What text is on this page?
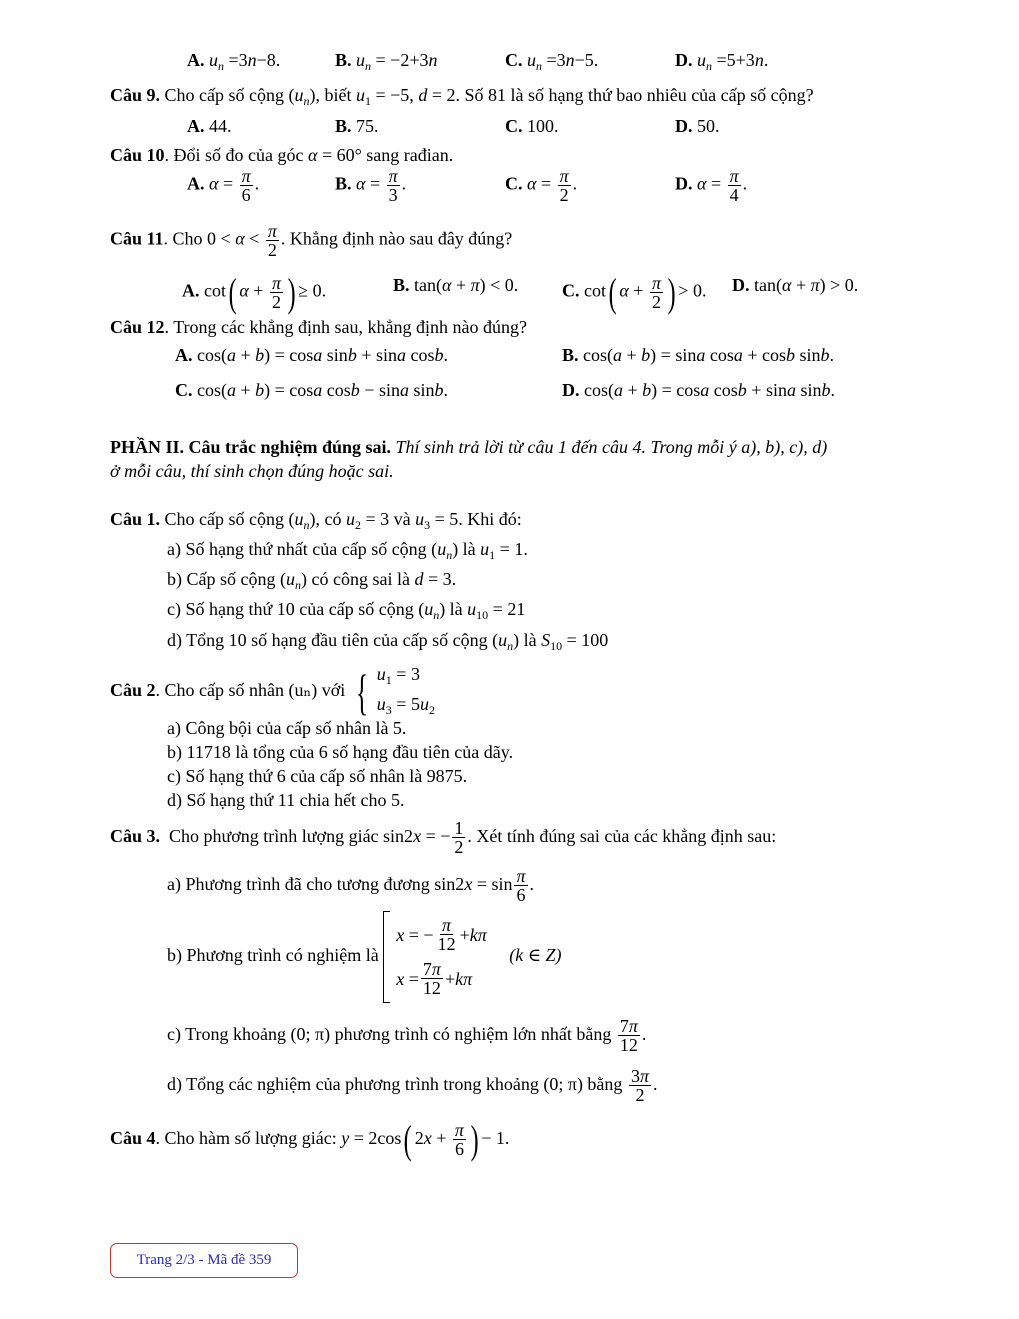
A. $u_n =3n-8$.	B. $u_n = -2+3n$	C. $u_n =3n-5$.	D. $u_n =5+3n$.
Câu 9. Cho cấp số cộng $(u_n)$, biết $u_1 = -5$, d = 2. Số 81 là số hạng thứ bao nhiêu của cấp số cộng?
A. 44.	B. 75.	C. 100.	D. 50.
Câu 10. Đổi số đo của góc α = 60° sang rađian.
A. $\alpha = \frac{\pi}{6}$ .	B. $\alpha = \frac{\pi}{3}$ .	C. $\alpha = \frac{\pi}{2}$ .	D. $\alpha = \frac{\pi}{4}$ .
Câu 11. Cho $0 < \alpha < \frac{\pi}{2}$ . Khẳng định nào sau đây đúng?
A. cot( $\alpha + \frac{\pi}{2}$ ) ≥ 0.	B. tan(α + π) < 0. C. cot( $\alpha + \frac{\pi}{2}$ ) > 0. D. tan(α + π) > 0.
Câu 12. Trong các khẳng định sau, khẳng định nào đúng?
A. cos(a + b) = cosa sinb + sina cosb.	B. cos(a + b) = sina cosa + cosb sinb.
C. cos(a + b) = cosa cosb − sina sinb.	D. cos(a + b) = cosa cosb + sina sinb.
PHẦN II. Câu trắc nghiệm đúng sai. Thí sinh trả lời từ câu 1 đến câu 4. Trong mỗi ý a), b), c), d)
ở mỗi câu, thí sinh chọn đúng hoặc sai.
Câu 1. Cho cấp số cộng $(u_n)$, có $u_2 = 3$ và $u_3 = 5$. Khi đó:
a) Số hạng thứ nhất của cấp số cộng $(u_n)$ là $u_1 = 1$.
b) Cấp số cộng $(u_n)$ có công sai là d = 3.
c) Số hạng thứ 10 của cấp số cộng $(u_n)$ là $u_{10} = 21$
d) Tổng 10 số hạng đầu tiên của cấp số cộng $(u_n)$ là $S_{10} = 100$
Câu 2. Cho cấp số nhân (uₙ) với { $u_1 = 3$
$u_3 = 5u_2$
a) Công bội của cấp số nhân là 5.
b) 11718 là tổng của 6 số hạng đầu tiên của dãy.
c) Số hạng thứ 6 của cấp số nhân là 9875.
d) Số hạng thứ 11 chia hết cho 5.
Câu 3.  Cho phương trình lượng giác sin2x = − $\frac{1}{2}$ . Xét tính đúng sai của các khẳng định sau:
a) Phương trình đã cho tương đương $\sin 2x = \sin \frac{\pi}{6}$ .
b) Phương trình có nghiệm là
x = − $\frac{\pi}{12} + k\pi$
$x = \frac{7\pi}{12} + k\pi$
(k ∈ Z)
c) Trong khoảng (0; π) phương trình có nghiệm lớn nhất bằng $\frac{7\pi}{12}$ .
d) Tổng các nghiệm của phương trình trong khoảng (0; π) bằng $\frac{3\pi}{2}$ .
Câu 4. Cho hàm số lượng giác: y = 2cos( $2x + \frac{\pi}{6}$ ) − 1.
Trang 2/3 - Mã đề 359
